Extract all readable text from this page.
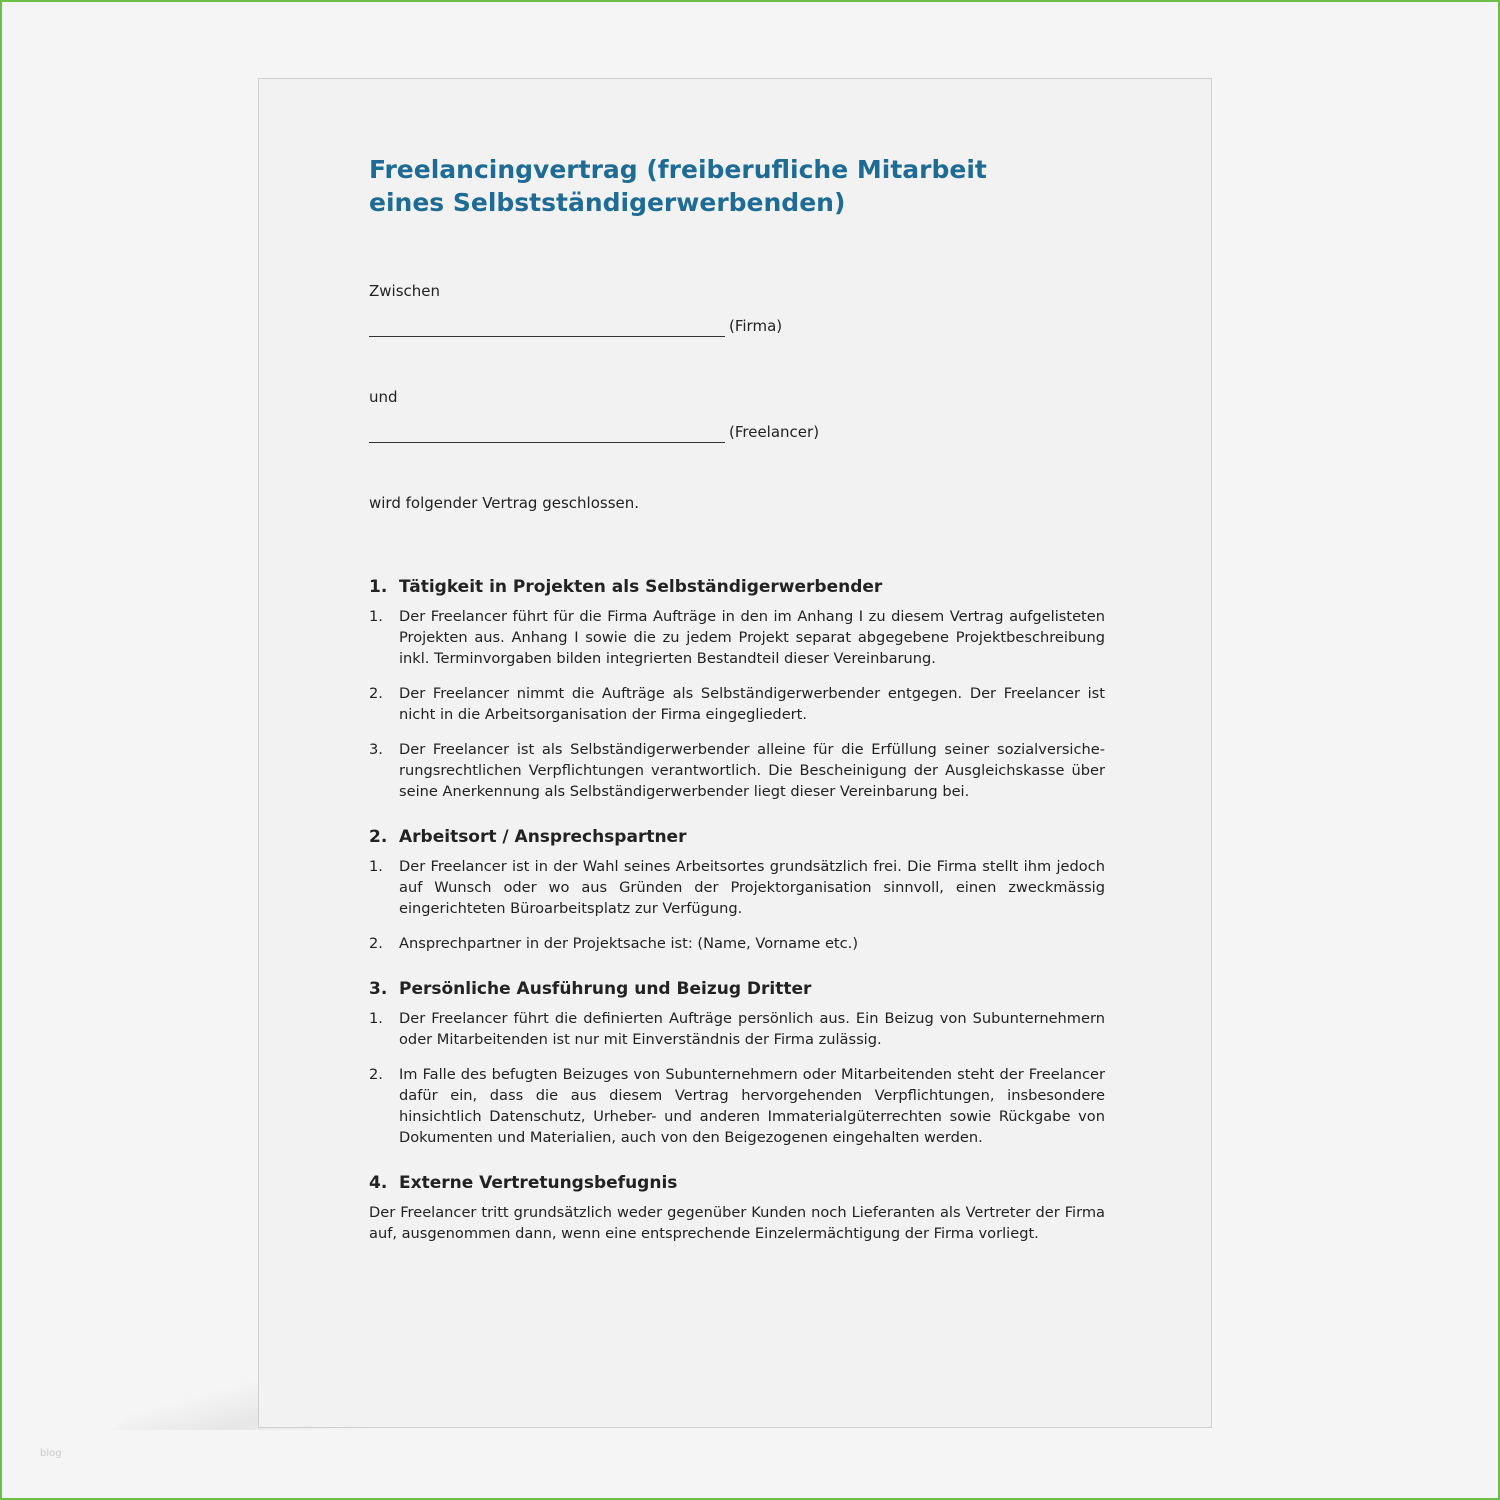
blog
Freelancingvertrag (freiberufliche Mitarbeit
eines Selbstständigerwerbenden)

Zwischen

(Firma)

und

(Freelancer)

wird folgender Vertrag geschlossen.

1. Tätigkeit in Projekten als Selbständigerwerbender
1.	Der Freelancer führt für die Firma Aufträge in den im Anhang I zu diesem Vertrag aufgelisteten Projekten aus. Anhang I sowie die zu jedem Projekt separat abgegebene Projektbeschreibung inkl. Terminvorgaben bilden integrierten Bestandteil dieser Vereinbarung.
2.	Der Freelancer nimmt die Aufträge als Selbständigerwerbender entgegen. Der Freelancer ist nicht in die Arbeitsorganisation der Firma eingegliedert.
3.	Der Freelancer ist als Selbständigerwerbender alleine für die Erfüllung seiner sozialversiche-rungsrechtlichen Verpflichtungen verantwortlich. Die Bescheinigung der Ausgleichskasse über seine Anerkennung als Selbständigerwerbender liegt dieser Vereinbarung bei.
2. Arbeitsort / Ansprechspartner
1.	Der Freelancer ist in der Wahl seines Arbeitsortes grundsätzlich frei. Die Firma stellt ihm jedoch auf Wunsch oder wo aus Gründen der Projektorganisation sinnvoll, einen zweckmässig eingerichteten Büroarbeitsplatz zur Verfügung.
2.	Ansprechpartner in der Projektsache ist: (Name, Vorname etc.)
3. Persönliche Ausführung und Beizug Dritter
1.	Der Freelancer führt die definierten Aufträge persönlich aus. Ein Beizug von Subunternehmern oder Mitarbeitenden ist nur mit Einverständnis der Firma zulässig.
2.	Im Falle des befugten Beizuges von Subunternehmern oder Mitarbeitenden steht der Freelancer dafür ein, dass die aus diesem Vertrag hervorgehenden Verpflichtungen, insbesondere hinsichtlich Datenschutz, Urheber- und anderen Immaterialgüterrechten sowie Rückgabe von Dokumenten und Materialien, auch von den Beigezogenen eingehalten werden.
4. Externe Vertretungsbefugnis

Der Freelancer tritt grundsätzlich weder gegenüber Kunden noch Lieferanten als Vertreter der Firma auf, ausgenommen dann, wenn eine entsprechende Einzelermächtigung der Firma vorliegt.
